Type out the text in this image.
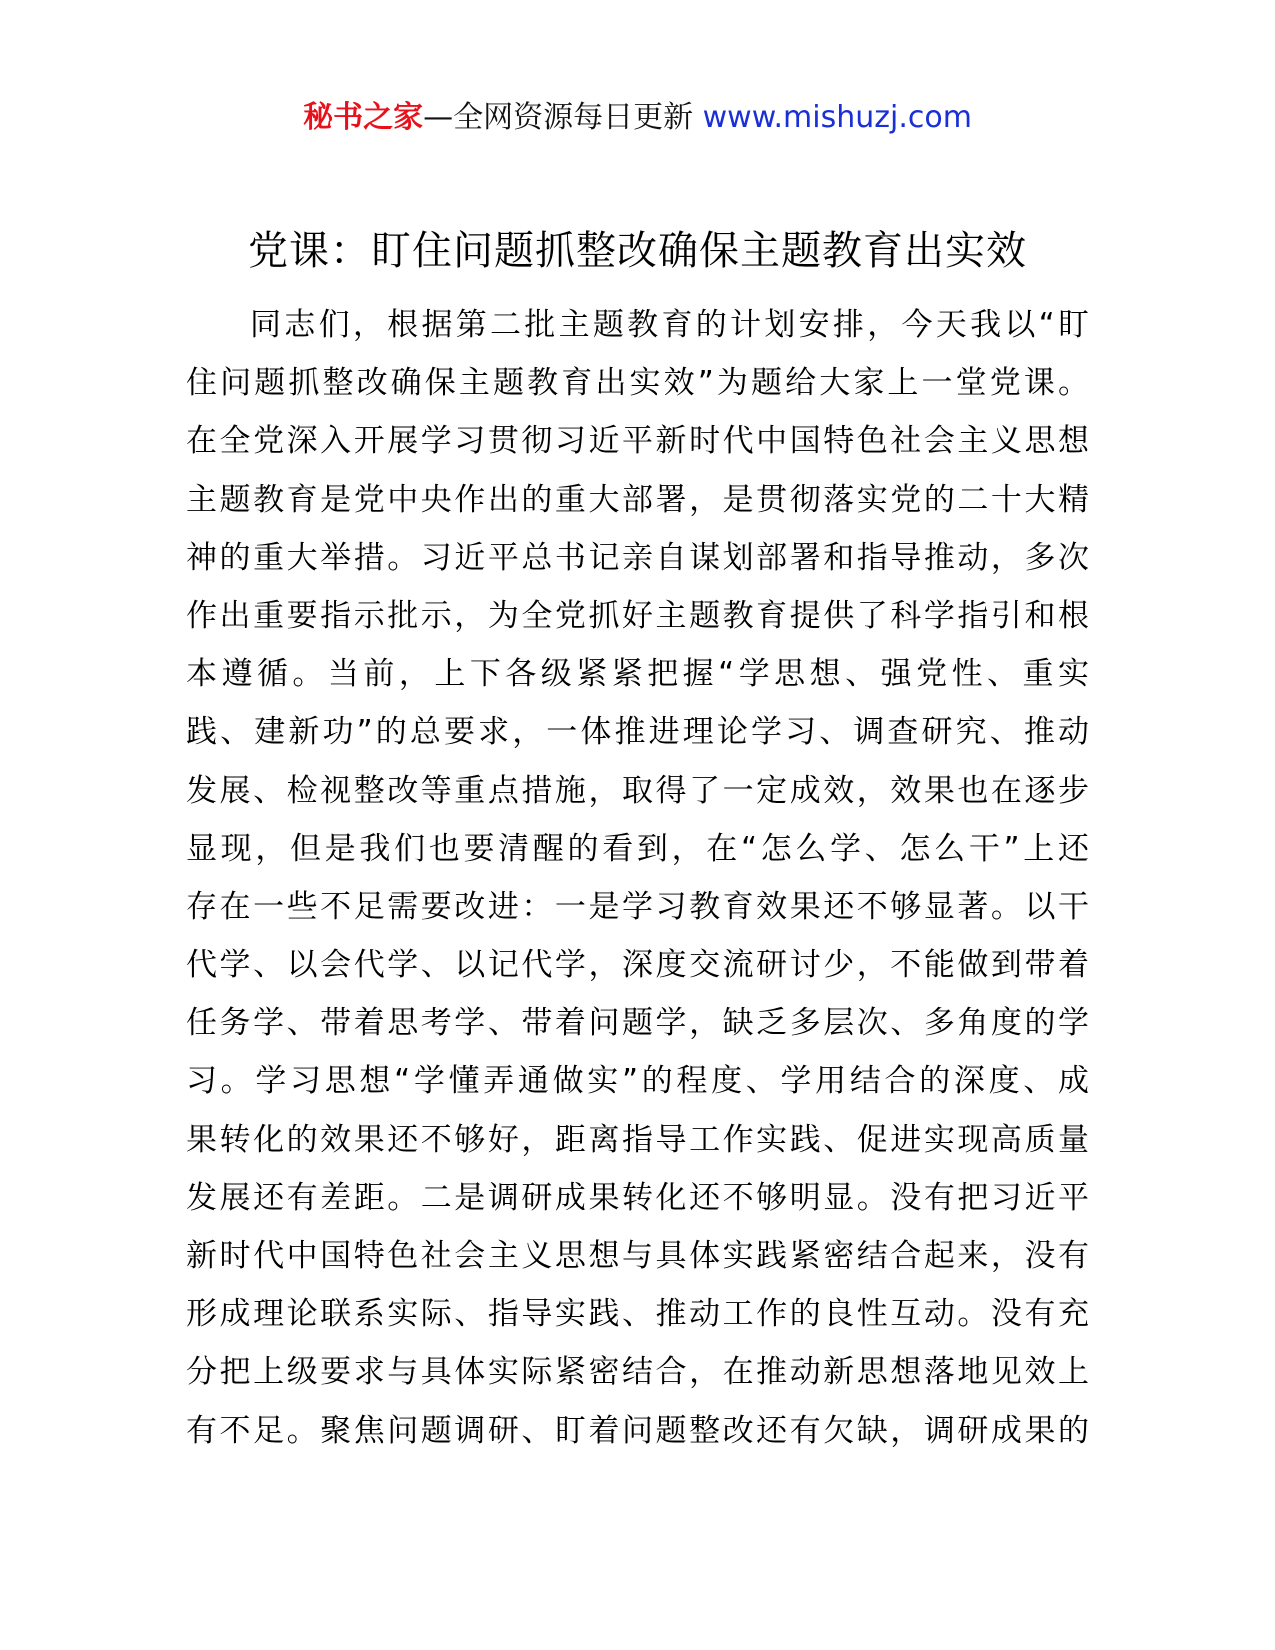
秘书之家—全网资源每日更新 www.mishuzj.com
党课：盯住问题抓整改确保主题教育出实效
同志们，根据第二批主题教育的计划安排，今天我以“盯
住问题抓整改确保主题教育出实效”为题给大家上一堂党课。
在全党深入开展学习贯彻习近平新时代中国特色社会主义思想
主题教育是党中央作出的重大部署，是贯彻落实党的二十大精
神的重大举措。习近平总书记亲自谋划部署和指导推动，多次
作出重要指示批示，为全党抓好主题教育提供了科学指引和根
本遵循。当前，上下各级紧紧把握“学思想、强党性、重实
践、建新功”的总要求，一体推进理论学习、调查研究、推动
发展、检视整改等重点措施，取得了一定成效，效果也在逐步
显现，但是我们也要清醒的看到，在“怎么学、怎么干”上还
存在一些不足需要改进：一是学习教育效果还不够显著。以干
代学、以会代学、以记代学，深度交流研讨少，不能做到带着
任务学、带着思考学、带着问题学，缺乏多层次、多角度的学
习。学习思想“学懂弄通做实”的程度、学用结合的深度、成
果转化的效果还不够好，距离指导工作实践、促进实现高质量
发展还有差距。二是调研成果转化还不够明显。没有把习近平
新时代中国特色社会主义思想与具体实践紧密结合起来，没有
形成理论联系实际、指导实践、推动工作的良性互动。没有充
分把上级要求与具体实际紧密结合，在推动新思想落地见效上
有不足。聚焦问题调研、盯着问题整改还有欠缺，调研成果的
